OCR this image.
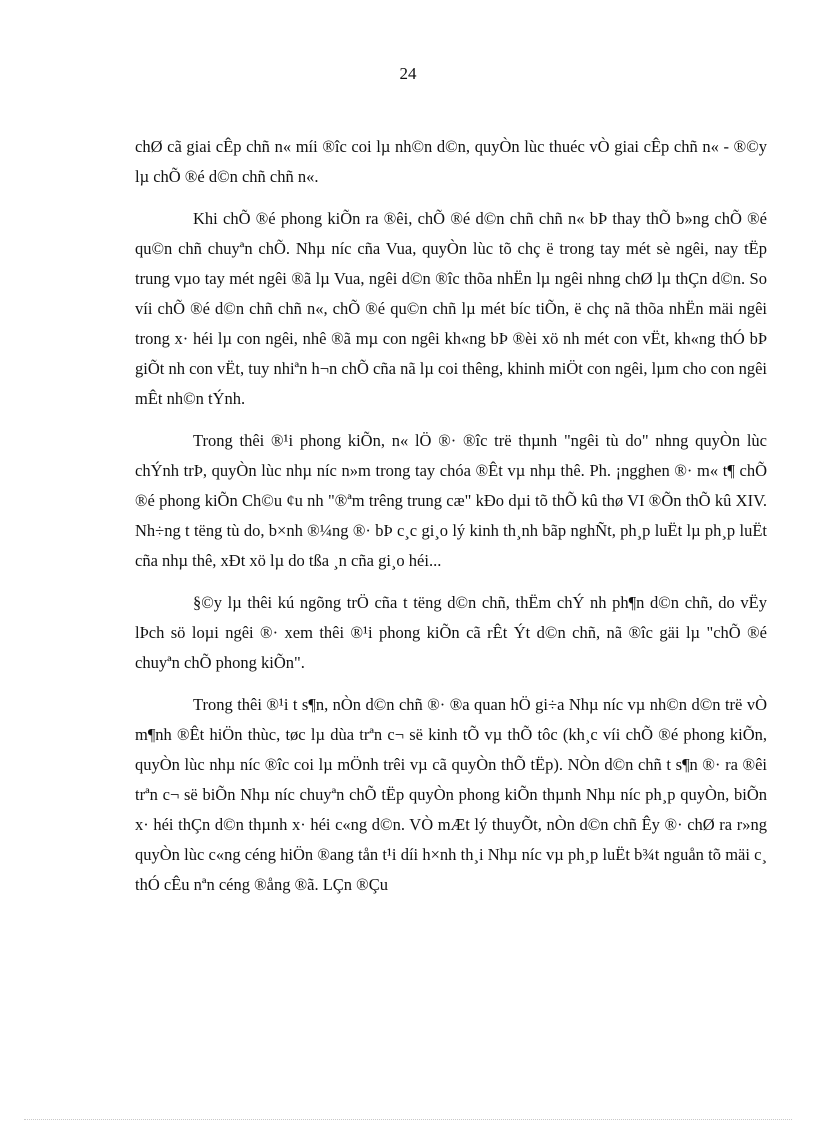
24

chØ cã giai cÊp chñ n« míi ®îc coi lµ nh©n d©n, quyÒn lùc thuéc vÒ giai cÊp chñ n« - ®©y lµ chÕ ®é d©n chñ chñ n«.

Khi chÕ ®é phong kiÕn ra ®êi, chÕ ®é d©n chñ chñ n« bÞ thay thÕ b»ng chÕ ®é qu©n chñ chuyªn chÕ. Nhµ níc cña Vua, quyÒn lùc tõ chç ë trong tay mét sè ngêi, nay tËp trung vµo tay mét ngêi ®ã lµ Vua, ngêi d©n ®îc thõa nhËn lµ ngêi nhng chØ lµ thÇn d©n. So víi chÕ ®é d©n chñ chñ n«, chÕ ®é qu©n chñ lµ mét bíc tiÕn, ë chç nã thõa nhËn mäi ngêi trong x· héi lµ con ngêi, nhê ®ã mµ con ngêi kh«ng bÞ ®èi xö nh mét con vËt, kh«ng thÓ bÞ giÕt nh con vËt, tuy nhiªn h¬n chÕ cña nã lµ coi thêng, khinh miÖt con ngêi, lµm cho con ngêi mÊt nh©n tÝnh.

Trong thêi ®¹i phong kiÕn, n« lÖ ®· ®îc trë thµnh "ngêi tù do" nhng quyÒn lùc chÝnh trÞ, quyÒn lùc nhµ níc n»m trong tay chóa ®Êt vµ nhµ thê. Ph. ¡ngghen ®· m« t¶ chÕ ®é phong kiÕn Ch©u ¢u nh "®ªm trêng trung cæ" kÐo dµi tõ thÕ kû thø VI ®Õn thÕ kû XIV. Nh÷ng t tëng tù do, b×nh ®¼ng ®· bÞ c¸c gi¸o lý kinh th¸nh bãp nghÑt, ph¸p luËt lµ ph¸p luËt cña nhµ thê, xÐt xö lµ do tßa ¸n cña gi¸o héi...

§©y lµ thêi kú ngõng trÖ cña t tëng d©n chñ, thËm chÝ nh ph¶n d©n chñ, do vËy lÞch sö loµi ngêi ®· xem thêi ®¹i phong kiÕn cã rÊt Ýt d©n chñ, nã ®îc gäi lµ "chÕ ®é chuyªn chÕ phong kiÕn".

Trong thêi ®¹i t s¶n, nÒn d©n chñ ®· ®a quan hÖ gi÷a Nhµ níc vµ nh©n d©n trë vÒ m¶nh ®Êt hiÖn thùc, tøc lµ dùa trªn c¬ së kinh tÕ vµ thÕ tôc (kh¸c víi chÕ ®é phong kiÕn, quyÒn lùc nhµ níc ®îc coi lµ mÖnh trêi vµ cã quyÒn thÕ tËp). NÒn d©n chñ t s¶n ®· ra ®êi trªn c¬ së biÕn Nhµ níc chuyªn chÕ tËp quyÒn phong kiÕn thµnh Nhµ níc ph¸p quyÒn, biÕn x· héi thÇn d©n thµnh x· héi c«ng d©n. VÒ mÆt lý thuyÕt, nÒn d©n chñ Êy ®· chØ ra r»ng quyÒn lùc c«ng céng hiÖn ®ang tån t¹i díi h×nh th¸i Nhµ níc vµ ph¸p luËt b¾t nguån tõ mäi c¸ thÓ cÊu nªn céng ®ång ®ã. LÇn ®Çu
